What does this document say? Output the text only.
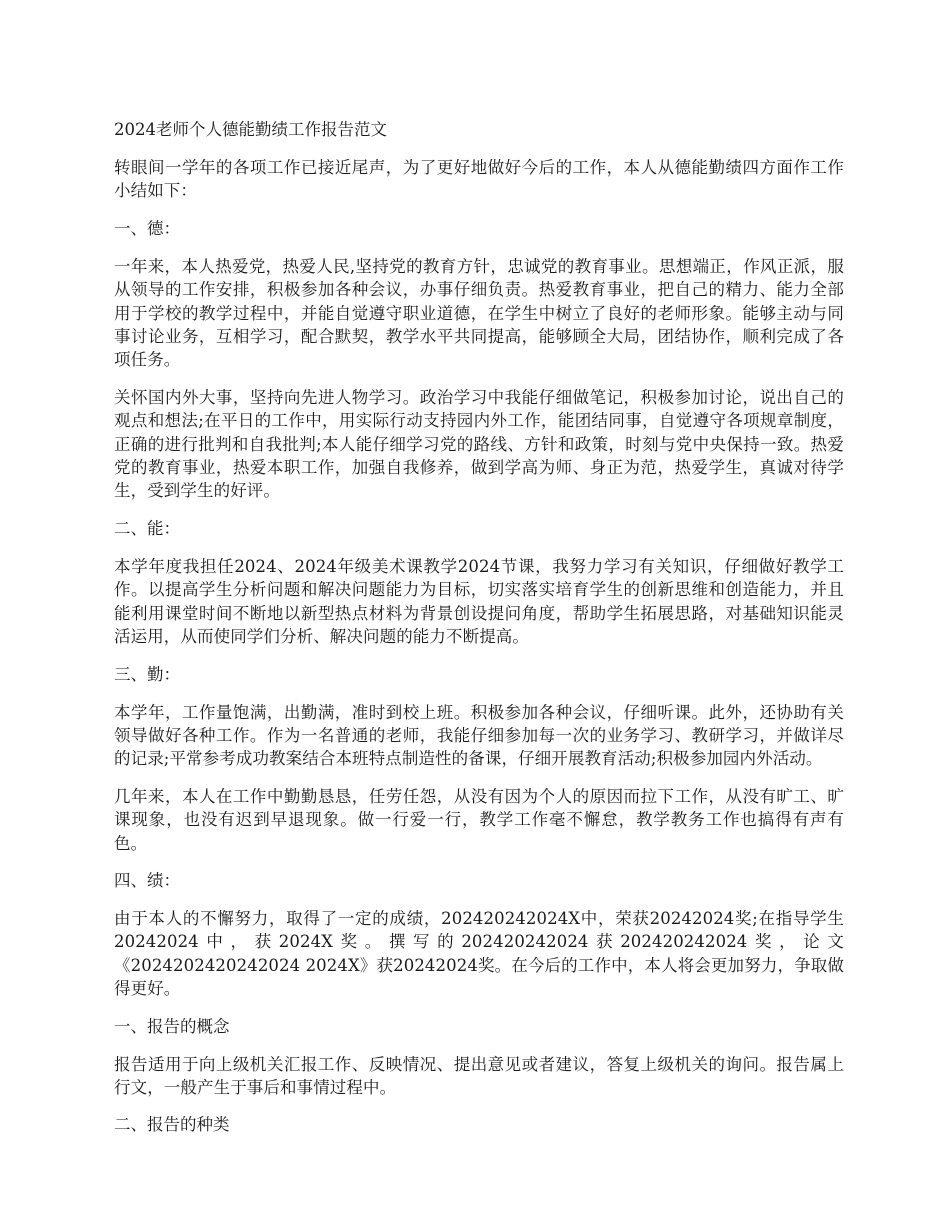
2024老师个人德能勤绩工作报告范文

转眼间一学年的各项工作已接近尾声，为了更好地做好今后的工作，本人从德能勤绩四方面作工作小结如下：

一、德：

一年来，本人热爱党，热爱人民,坚持党的教育方针，忠诚党的教育事业。思想端正，作风正派，服从领导的工作安排，积极参加各种会议，办事仔细负责。热爱教育事业，把自己的精力、能力全部用于学校的教学过程中，并能自觉遵守职业道德，在学生中树立了良好的老师形象。能够主动与同事讨论业务，互相学习，配合默契，教学水平共同提高，能够顾全大局，团结协作，顺利完成了各项任务。

关怀国内外大事，坚持向先进人物学习。政治学习中我能仔细做笔记，积极参加讨论，说出自己的观点和想法;在平日的工作中，用实际行动支持园内外工作，能团结同事，自觉遵守各项规章制度，正确的进行批判和自我批判;本人能仔细学习党的路线、方针和政策，时刻与党中央保持一致。热爱党的教育事业，热爱本职工作，加强自我修养，做到学高为师、身正为范，热爱学生，真诚对待学生，受到学生的好评。

二、能：

本学年度我担任2024、2024年级美术课教学2024节课，我努力学习有关知识，仔细做好教学工作。以提高学生分析问题和解决问题能力为目标，切实落实培育学生的创新思维和创造能力，并且能利用课堂时间不断地以新型热点材料为背景创设提问角度，帮助学生拓展思路，对基础知识能灵活运用，从而使同学们分析、解决问题的能力不断提高。

三、勤：

本学年，工作量饱满，出勤满，准时到校上班。积极参加各种会议，仔细听课。此外，还协助有关领导做好各种工作。作为一名普通的老师，我能仔细参加每一次的业务学习、教研学习，并做详尽的记录;平常参考成功教案结合本班特点制造性的备课，仔细开展教育活动;积极参加园内外活动。

几年来，本人在工作中勤勤恳恳，任劳任怨，从没有因为个人的原因而拉下工作，从没有旷工、旷课现象，也没有迟到早退现象。做一行爱一行，教学工作毫不懈怠，教学教务工作也搞得有声有色。

四、绩：

由于本人的不懈努力，取得了一定的成绩，202420242024X中，荣获20242024奖;在指导学生20242024中，获2024X奖。撰写的202420242024获202420242024奖，论文《2024202420242024 2024X》获20242024奖。在今后的工作中，本人将会更加努力，争取做得更好。

一、报告的概念

报告适用于向上级机关汇报工作、反映情况、提出意见或者建议，答复上级机关的询问。报告属上行文，一般产生于事后和事情过程中。

二、报告的种类
